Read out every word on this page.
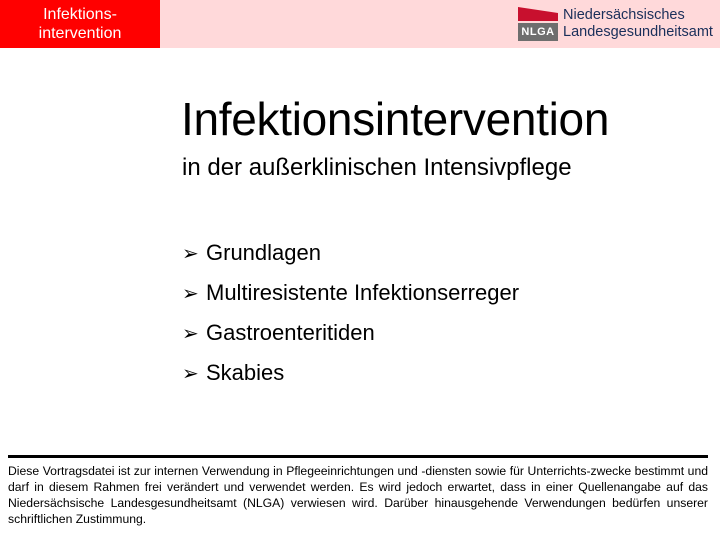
Infektions-
intervention	NLGA
Niedersächsisches
Landesgesundheitsamt
Infektionsintervention
in der außerklinischen Intensivpflege
➢ Grundlagen
➢ Multiresistente Infektionserreger
➢ Gastroenteritiden
➢ Skabies
Diese Vortragsdatei ist zur internen Verwendung in Pflegeeinrichtungen und -diensten sowie für Unterrichts-zwecke bestimmt und darf in diesem Rahmen frei verändert und verwendet werden. Es wird jedoch erwartet, dass in einer Quellenangabe auf das Niedersächsische Landesgesundheitsamt (NLGA) verwiesen wird. Darüber hinausgehende Verwendungen bedürfen unserer schriftlichen Zustimmung.
